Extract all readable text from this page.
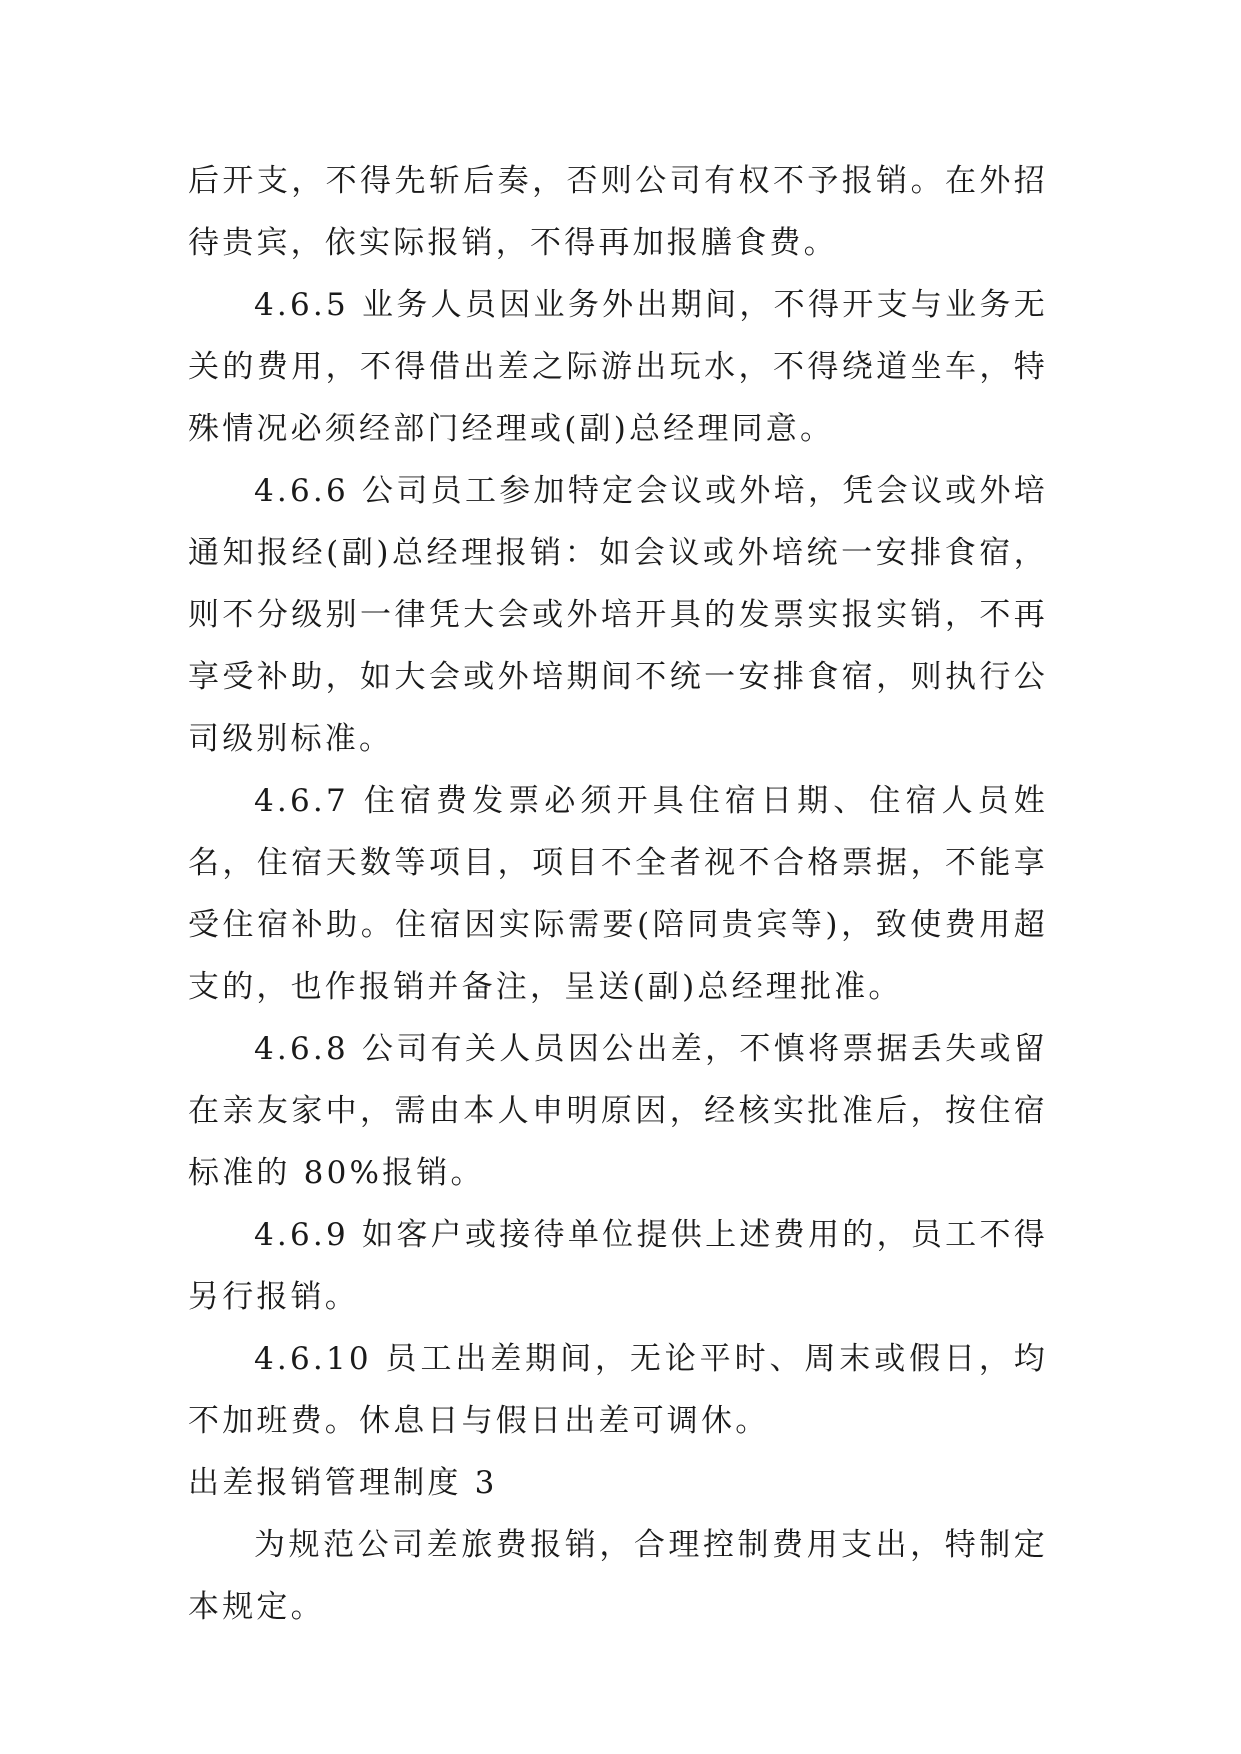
后开支，不得先斩后奏，否则公司有权不予报销。在外招待贵宾，依实际报销，不得再加报膳食费。

4.6.5 业务人员因业务外出期间，不得开支与业务无关的费用，不得借出差之际游出玩水，不得绕道坐车，特殊情况必须经部门经理或(副)总经理同意。

4.6.6 公司员工参加特定会议或外培，凭会议或外培通知报经(副)总经理报销：如会议或外培统一安排食宿，则不分级别一律凭大会或外培开具的发票实报实销，不再享受补助，如大会或外培期间不统一安排食宿，则执行公司级别标准。

4.6.7 住宿费发票必须开具住宿日期、住宿人员姓名，住宿天数等项目，项目不全者视不合格票据，不能享受住宿补助。住宿因实际需要(陪同贵宾等)，致使费用超支的，也作报销并备注，呈送(副)总经理批准。

4.6.8 公司有关人员因公出差，不慎将票据丢失或留在亲友家中，需由本人申明原因，经核实批准后，按住宿标准的 80%报销。

4.6.9 如客户或接待单位提供上述费用的，员工不得另行报销。

4.6.10 员工出差期间，无论平时、周末或假日，均不加班费。休息日与假日出差可调休。

出差报销管理制度 3

为规范公司差旅费报销，合理控制费用支出，特制定本规定。
